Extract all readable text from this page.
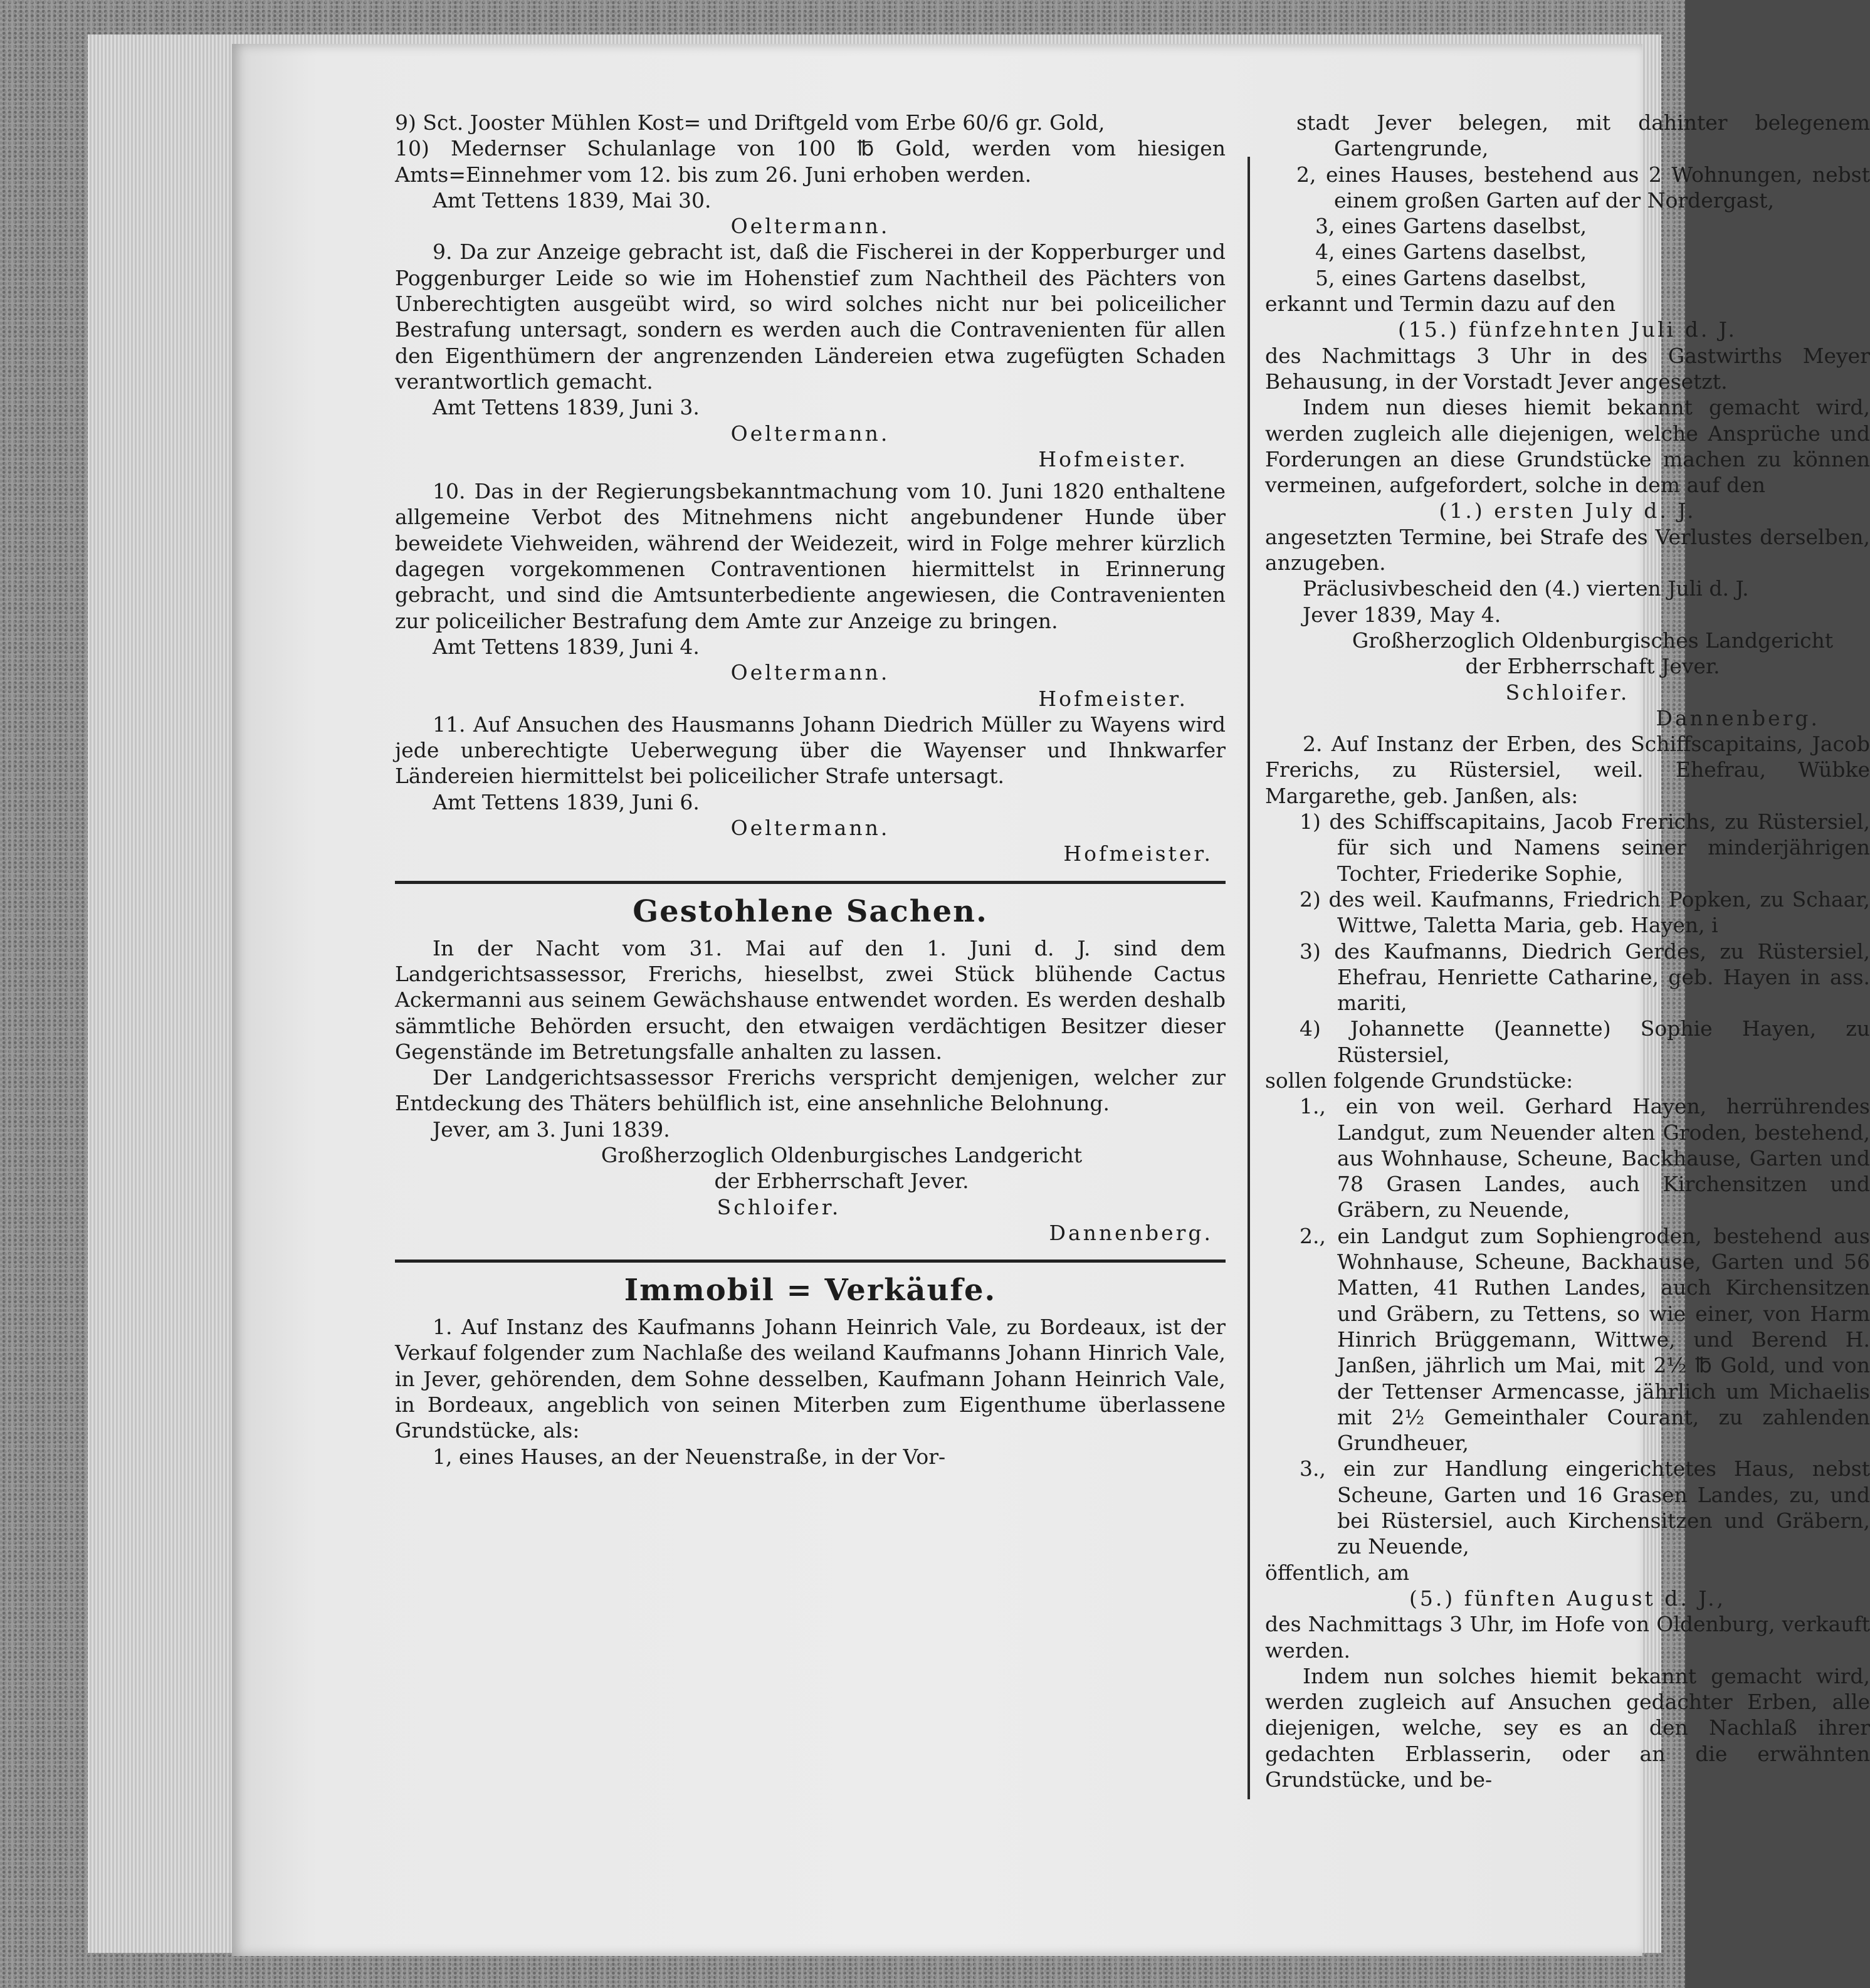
9) Sct. Jooster Mühlen Kost= und Driftgeld vom Erbe 60/6 gr. Gold,

10) Medernser Schulanlage von 100 ℔ Gold, werden vom hiesigen Amts=Einnehmer vom 12. bis zum 26. Juni erhoben werden.

Amt Tettens 1839, Mai 30.

Oeltermann.

9. Da zur Anzeige gebracht ist, daß die Fischerei in der Kopperburger und Poggenburger Leide so wie im Hohenstief zum Nachtheil des Pächters von Unberechtigten ausgeübt wird, so wird solches nicht nur bei policeilicher Bestrafung untersagt, sondern es werden auch die Contravenienten für allen den Eigenthümern der angrenzenden Ländereien etwa zugefügten Schaden verantwortlich gemacht.

Amt Tettens 1839, Juni 3.

Oeltermann.

Hofmeister.

10. Das in der Regierungsbekanntmachung vom 10. Juni 1820 enthaltene allgemeine Verbot des Mitnehmens nicht angebundener Hunde über beweidete Viehweiden, während der Weidezeit, wird in Folge mehrer kürzlich dagegen vorgekommenen Contraventionen hiermittelst in Erinnerung gebracht, und sind die Amtsunterbediente angewiesen, die Contravenienten zur policeilicher Bestrafung dem Amte zur Anzeige zu bringen.

Amt Tettens 1839, Juni 4.

Oeltermann.

Hofmeister.

11. Auf Ansuchen des Hausmanns Johann Diedrich Müller zu Wayens wird jede unberechtigte Ueberwegung über die Wayenser und Ihnkwarfer Ländereien hiermittelst bei policeilicher Strafe untersagt.

Amt Tettens 1839, Juni 6.

Oeltermann.

Hofmeister.

Gestohlene Sachen.

In der Nacht vom 31. Mai auf den 1. Juni d. J. sind dem Landgerichtsassessor, Frerichs, hieselbst, zwei Stück blühende Cactus Ackermanni aus seinem Gewächshause entwendet worden. Es werden deshalb sämmtliche Behörden ersucht, den etwaigen verdächtigen Besitzer dieser Gegenstände im Betretungsfalle anhalten zu lassen.

Der Landgerichtsassessor Frerichs verspricht demjenigen, welcher zur Entdeckung des Thäters behülflich ist, eine ansehnliche Belohnung.

Jever, am 3. Juni 1839.

Großherzoglich Oldenburgisches Landgericht

der Erbherrschaft Jever.

Schloifer.

Dannenberg.

Immobil = Verkäufe.

1. Auf Instanz des Kaufmanns Johann Heinrich Vale, zu Bordeaux, ist der Verkauf folgender zum Nachlaße des weiland Kaufmanns Johann Hinrich Vale, in Jever, gehörenden, dem Sohne desselben, Kaufmann Johann Heinrich Vale, in Bordeaux, angeblich von seinen Miterben zum Eigenthume überlassene Grundstücke, als:

1, eines Hauses, an der Neuenstraße, in der Vor-

stadt Jever belegen, mit dahinter belegenem Gartengrunde,

2, eines Hauses, bestehend aus 2 Wohnungen, nebst einem großen Garten auf der Nordergast,

3, eines Gartens daselbst,

4, eines Gartens daselbst,

5, eines Gartens daselbst,

erkannt und Termin dazu auf den

(15.) fünfzehnten Juli d. J.

des Nachmittags 3 Uhr in des Gastwirths Meyer Behausung, in der Vorstadt Jever angesetzt.

Indem nun dieses hiemit bekannt gemacht wird, werden zugleich alle diejenigen, welche Ansprüche und Forderungen an diese Grundstücke machen zu können vermeinen, aufgefordert, solche in dem auf den

(1.) ersten July d. J.

angesetzten Termine, bei Strafe des Verlustes derselben, anzugeben.

Präclusivbescheid den (4.) vierten Juli d. J.

Jever 1839, May 4.

Großherzoglich Oldenburgisches Landgericht

der Erbherrschaft Jever.

Schloifer.

Dannenberg.

2. Auf Instanz der Erben, des Schiffscapitains, Jacob Frerichs, zu Rüstersiel, weil. Ehefrau, Wübke Margarethe, geb. Janßen, als:

1) des Schiffscapitains, Jacob Frerichs, zu Rüstersiel, für sich und Namens seiner minderjährigen Tochter, Friederike Sophie,

2) des weil. Kaufmanns, Friedrich Popken, zu Schaar, Wittwe, Taletta Maria, geb. Hayen, i

3) des Kaufmanns, Diedrich Gerdes, zu Rüstersiel, Ehefrau, Henriette Catharine, geb. Hayen in ass. mariti,

4) Johannette (Jeannette) Sophie Hayen, zu Rüstersiel,

sollen folgende Grundstücke:

1., ein von weil. Gerhard Hayen, herrührendes Landgut, zum Neuender alten Groden, bestehend, aus Wohnhause, Scheune, Backhause, Garten und 78 Grasen Landes, auch Kirchensitzen und Gräbern, zu Neuende,

2., ein Landgut zum Sophiengroden, bestehend aus Wohnhause, Scheune, Backhause, Garten und 56 Matten, 41 Ruthen Landes, auch Kirchensitzen und Gräbern, zu Tettens, so wie einer, von Harm Hinrich Brüggemann, Wittwe, und Berend H. Janßen, jährlich um Mai, mit 2½ ℔ Gold, und von der Tettenser Armencasse, jährlich um Michaelis mit 2½ Gemeinthaler Courant, zu zahlenden Grundheuer,

3., ein zur Handlung eingerichtetes Haus, nebst Scheune, Garten und 16 Grasen Landes, zu, und bei Rüstersiel, auch Kirchensitzen und Gräbern, zu Neuende,

öffentlich, am

(5.) fünften August d. J.,

des Nachmittags 3 Uhr, im Hofe von Oldenburg, verkauft werden.

Indem nun solches hiemit bekannt gemacht wird, werden zugleich auf Ansuchen gedachter Erben, alle diejenigen, welche, sey es an den Nachlaß ihrer gedachten Erblasserin, oder an die erwähnten Grundstücke, und be-
